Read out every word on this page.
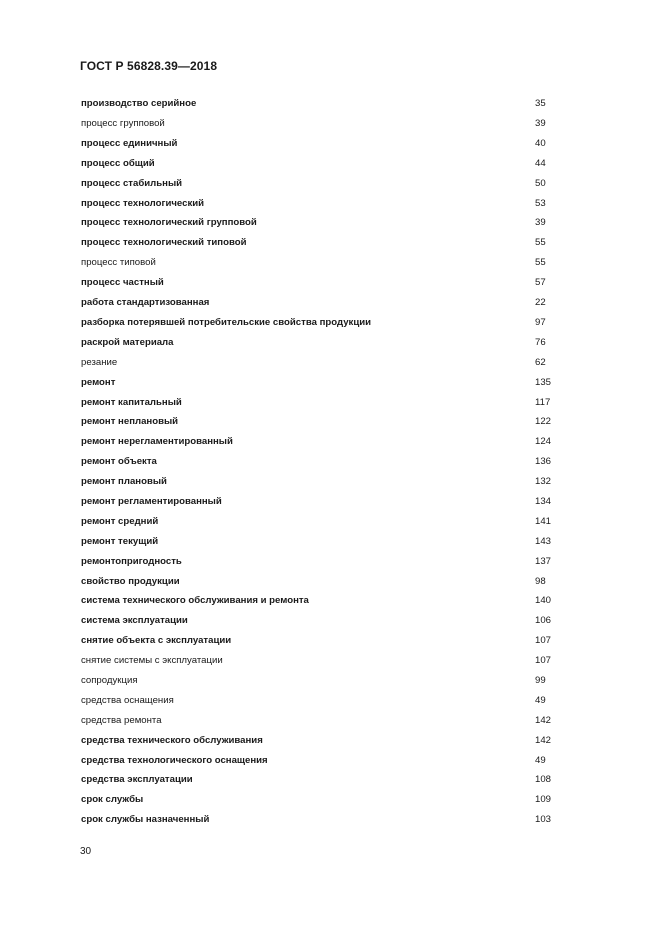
ГОСТ Р 56828.39—2018
производство серийное	35
процесс групповой	39
процесс единичный	40
процесс общий	44
процесс стабильный	50
процесс технологический	53
процесс технологический групповой	39
процесс технологический типовой	55
процесс типовой	55
процесс частный	57
работа стандартизованная	22
разборка потерявшей потребительские свойства продукции	97
раскрой материала	76
резание	62
ремонт	135
ремонт капитальный	117
ремонт неплановый	122
ремонт нерегламентированный	124
ремонт объекта	136
ремонт плановый	132
ремонт регламентированный	134
ремонт средний	141
ремонт текущий	143
ремонтопригодность	137
свойство продукции	98
система технического обслуживания и ремонта	140
система эксплуатации	106
снятие объекта с эксплуатации	107
снятие системы с эксплуатации	107
сопродукция	99
средства оснащения	49
средства ремонта	142
средства технического обслуживания	142
средства технологического оснащения	49
средства эксплуатации	108
срок службы	109
срок службы назначенный	103
30
